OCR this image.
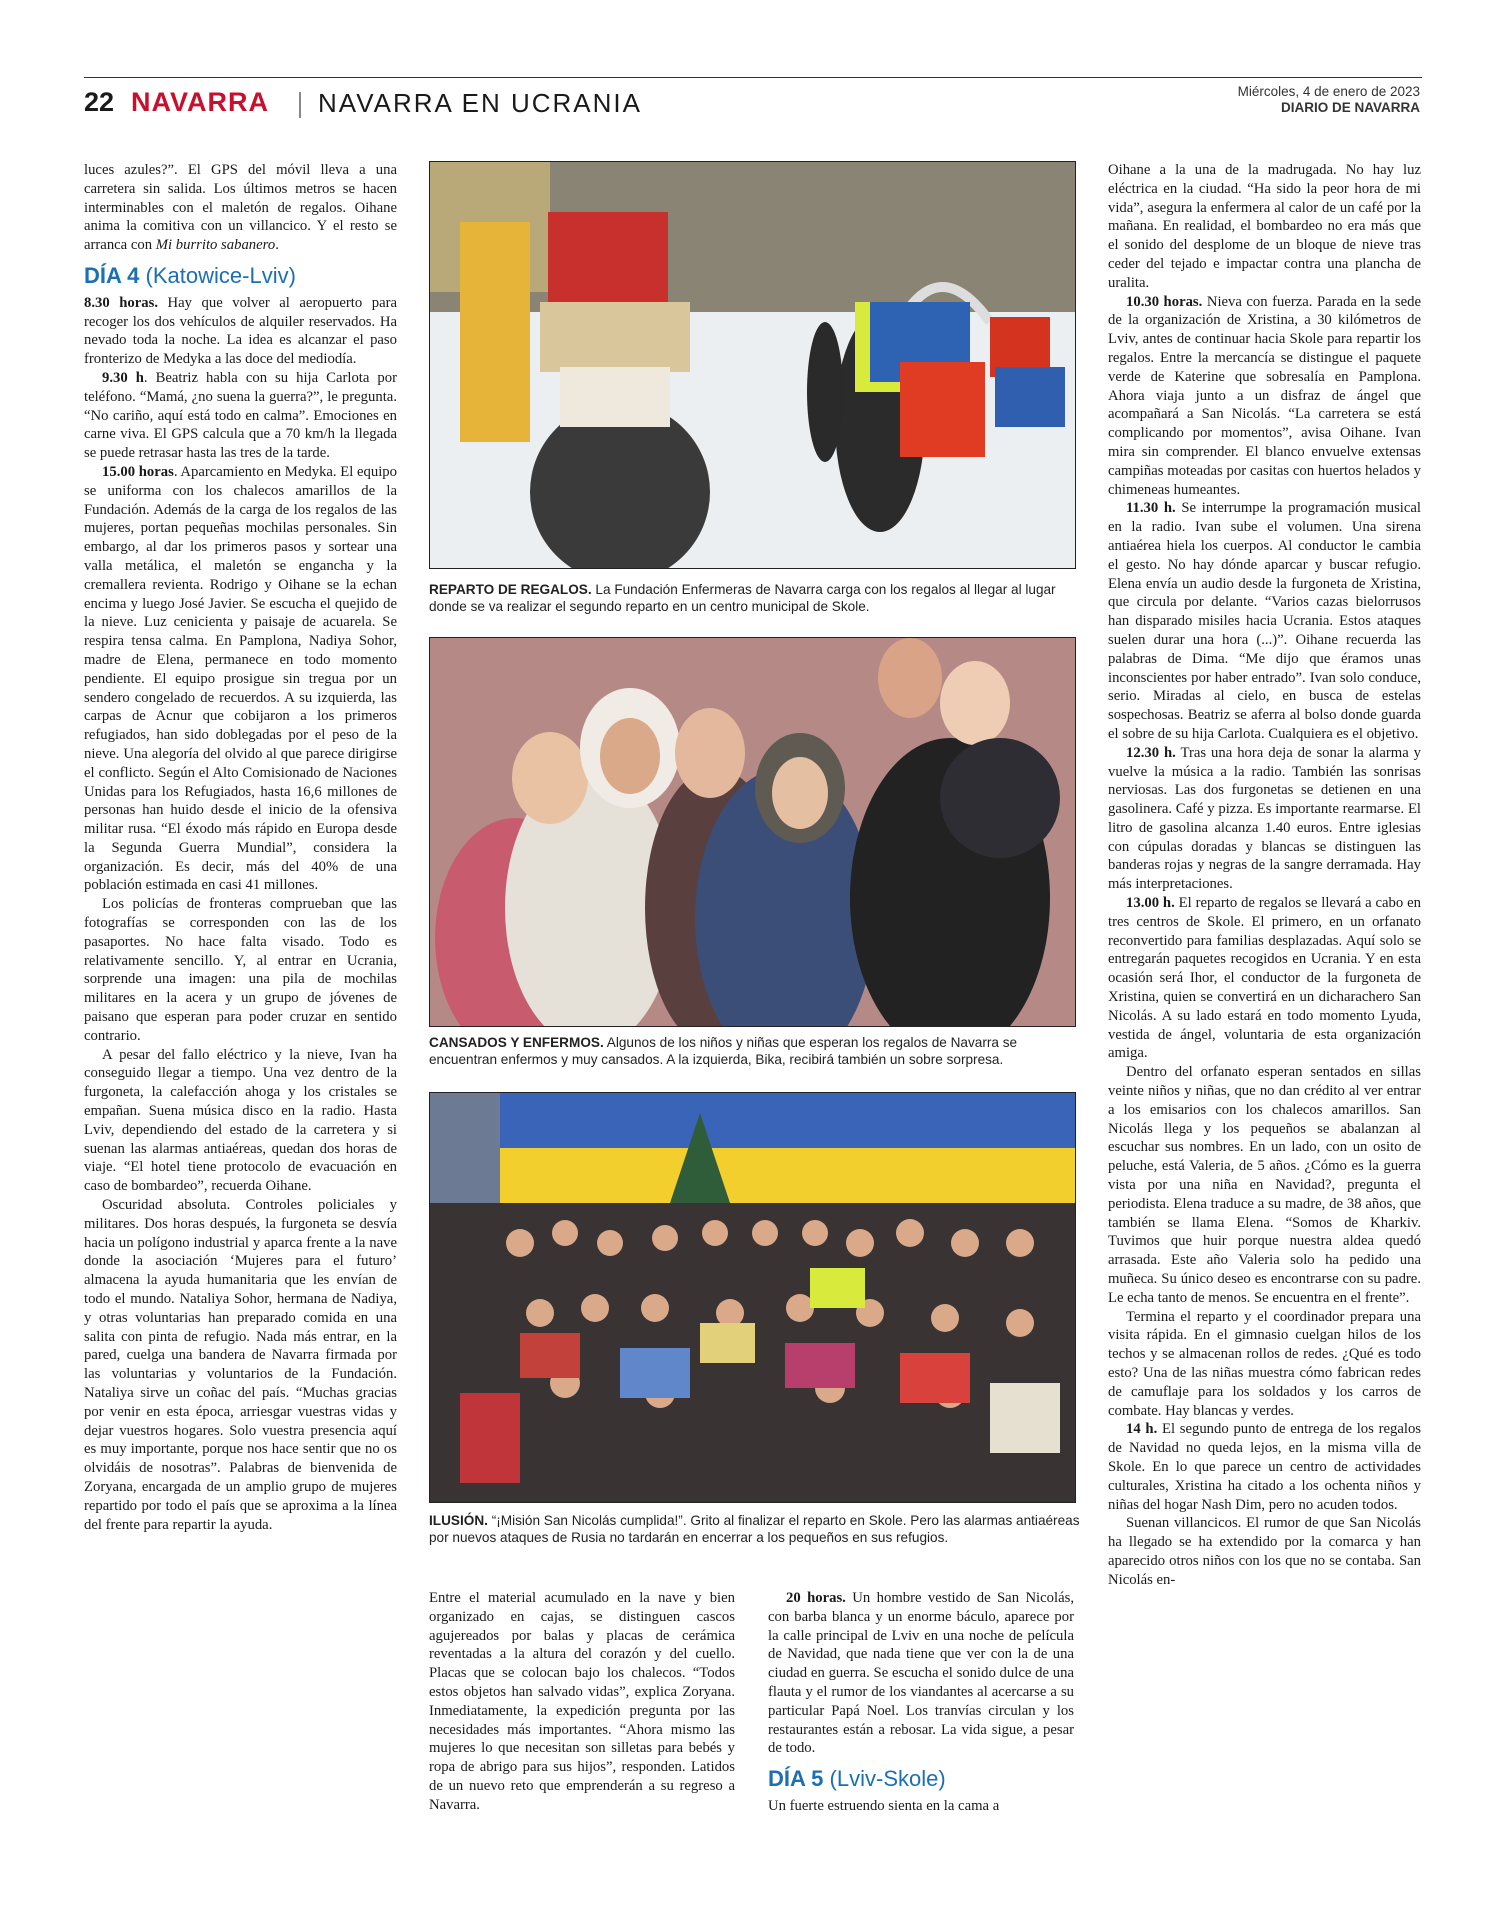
22 NAVARRA NAVARRA EN UCRANIA	Miércoles, 4 de enero de 2023
DIARIO DE NAVARRA

luces azules?”. El GPS del móvil lleva a una carretera sin salida. Los últimos metros se hacen interminables con el maletón de regalos. Oihane anima la comitiva con un villancico. Y el resto se arranca con Mi burrito sabanero.

DÍA 4 (Katowice-Lviv)

8.30 horas. Hay que volver al aeropuerto para recoger los dos vehículos de alquiler reservados. Ha nevado toda la noche. La idea es alcanzar el paso fronterizo de Medyka a las doce del mediodía.

9.30 h. Beatriz habla con su hija Carlota por teléfono. “Mamá, ¿no suena la guerra?”, le pregunta. “No cariño, aquí está todo en calma”. Emociones en carne viva. El GPS calcula que a 70 km/h la llegada se puede retrasar hasta las tres de la tarde.

15.00 horas. Aparcamiento en Medyka. El equipo se uniforma con los chalecos amarillos de la Fundación. Además de la carga de los regalos de las mujeres, portan pequeñas mochilas personales. Sin embargo, al dar los primeros pasos y sortear una valla metálica, el maletón se engancha y la cremallera revienta. Rodrigo y Oihane se la echan encima y luego José Javier. Se escucha el quejido de la nieve. Luz cenicienta y paisaje de acuarela. Se respira tensa calma. En Pamplona, Nadiya Sohor, madre de Elena, permanece en todo momento pendiente. El equipo prosigue sin tregua por un sendero congelado de recuerdos. A su izquierda, las carpas de Acnur que cobijaron a los primeros refugiados, han sido doblegadas por el peso de la nieve. Una alegoría del olvido al que parece dirigirse el conflicto. Según el Alto Comisionado de Naciones Unidas para los Refugiados, hasta 16,6 millones de personas han huido desde el inicio de la ofensiva militar rusa. “El éxodo más rápido en Europa desde la Segunda Guerra Mundial”, considera la organización. Es decir, más del 40% de una población estimada en casi 41 millones.

Los policías de fronteras comprueban que las fotografías se corresponden con las de los pasaportes. No hace falta visado. Todo es relativamente sencillo. Y, al entrar en Ucrania, sorprende una imagen: una pila de mochilas militares en la acera y un grupo de jóvenes de paisano que esperan para poder cruzar en sentido contrario.

A pesar del fallo eléctrico y la nieve, Ivan ha conseguido llegar a tiempo. Una vez dentro de la furgoneta, la calefacción ahoga y los cristales se empañan. Suena música disco en la radio. Hasta Lviv, dependiendo del estado de la carretera y si suenan las alarmas antiaéreas, quedan dos horas de viaje. “El hotel tiene protocolo de evacuación en caso de bombardeo”, recuerda Oihane.

Oscuridad absoluta. Controles policiales y militares. Dos horas después, la furgoneta se desvía hacia un polígono industrial y aparca frente a la nave donde la asociación ‘Mujeres para el futuro’ almacena la ayuda humanitaria que les envían de todo el mundo. Nataliya Sohor, hermana de Nadiya, y otras voluntarias han preparado comida en una salita con pinta de refugio. Nada más entrar, en la pared, cuelga una bandera de Navarra firmada por las voluntarias y voluntarios de la Fundación. Nataliya sirve un coñac del país. “Muchas gracias por venir en esta época, arriesgar vuestras vidas y dejar vuestros hogares. Solo vuestra presencia aquí es muy importante, porque nos hace sentir que no os olvidáis de nosotras”. Palabras de bienvenida de Zoryana, encargada de un amplio grupo de mujeres repartido por todo el país que se aproxima a la línea del frente para repartir la ayuda.

REPARTO DE REGALOS. La Fundación Enfermeras de Navarra carga con los regalos al llegar al lugar donde se va realizar el segundo reparto en un centro municipal de Skole.
CANSADOS Y ENFERMOS. Algunos de los niños y niñas que esperan los regalos de Navarra se encuentran enfermos y muy cansados. A la izquierda, Bika, recibirá también un sobre sorpresa.
ILUSIÓN. “¡Misión San Nicolás cumplida!”. Grito al finalizar el reparto en Skole. Pero las alarmas antiaéreas por nuevos ataques de Rusia no tardarán en encerrar a los pequeños en sus refugios.

Entre el material acumulado en la nave y bien organizado en cajas, se distinguen cascos agujereados por balas y placas de cerámica reventadas a la altura del corazón y del cuello. Placas que se colocan bajo los chalecos. “Todos estos objetos han salvado vidas”, explica Zoryana. Inmediatamente, la expedición pregunta por las necesidades más importantes. “Ahora mismo las mujeres lo que necesitan son silletas para bebés y ropa de abrigo para sus hijos”, responden. Latidos de un nuevo reto que emprenderán a su regreso a Navarra.

20 horas. Un hombre vestido de San Nicolás, con barba blanca y un enorme báculo, aparece por la calle principal de Lviv en una noche de película de Navidad, que nada tiene que ver con la de una ciudad en guerra. Se escucha el sonido dulce de una flauta y el rumor de los viandantes al acercarse a su particular Papá Noel. Los tranvías circulan y los restaurantes están a rebosar. La vida sigue, a pesar de todo.

DÍA 5 (Lviv-Skole)

Un fuerte estruendo sienta en la cama a

Oihane a la una de la madrugada. No hay luz eléctrica en la ciudad. “Ha sido la peor hora de mi vida”, asegura la enfermera al calor de un café por la mañana. En realidad, el bombardeo no era más que el sonido del desplome de un bloque de nieve tras ceder del tejado e impactar contra una plancha de uralita.

10.30 horas. Nieva con fuerza. Parada en la sede de la organización de Xristina, a 30 kilómetros de Lviv, antes de continuar hacia Skole para repartir los regalos. Entre la mercancía se distingue el paquete verde de Katerine que sobresalía en Pamplona. Ahora viaja junto a un disfraz de ángel que acompañará a San Nicolás. “La carretera se está complicando por momentos”, avisa Oihane. Ivan mira sin comprender. El blanco envuelve extensas campiñas moteadas por casitas con huertos helados y chimeneas humeantes.

11.30 h. Se interrumpe la programación musical en la radio. Ivan sube el volumen. Una sirena antiaérea hiela los cuerpos. Al conductor le cambia el gesto. No hay dónde aparcar y buscar refugio. Elena envía un audio desde la furgoneta de Xristina, que circula por delante. “Varios cazas bielorrusos han disparado misiles hacia Ucrania. Estos ataques suelen durar una hora (...)”. Oihane recuerda las palabras de Dima. “Me dijo que éramos unas inconscientes por haber entrado”. Ivan solo conduce, serio. Miradas al cielo, en busca de estelas sospechosas. Beatriz se aferra al bolso donde guarda el sobre de su hija Carlota. Cualquiera es el objetivo.

12.30 h. Tras una hora deja de sonar la alarma y vuelve la música a la radio. También las sonrisas nerviosas. Las dos furgonetas se detienen en una gasolinera. Café y pizza. Es importante rearmarse. El litro de gasolina alcanza 1.40 euros. Entre iglesias con cúpulas doradas y blancas se distinguen las banderas rojas y negras de la sangre derramada. Hay más interpretaciones.

13.00 h. El reparto de regalos se llevará a cabo en tres centros de Skole. El primero, en un orfanato reconvertido para familias desplazadas. Aquí solo se entregarán paquetes recogidos en Ucrania. Y en esta ocasión será Ihor, el conductor de la furgoneta de Xristina, quien se convertirá en un dicharachero San Nicolás. A su lado estará en todo momento Lyuda, vestida de ángel, voluntaria de esta organización amiga.

Dentro del orfanato esperan sentados en sillas veinte niños y niñas, que no dan crédito al ver entrar a los emisarios con los chalecos amarillos. San Nicolás llega y los pequeños se abalanzan al escuchar sus nombres. En un lado, con un osito de peluche, está Valeria, de 5 años. ¿Cómo es la guerra vista por una niña en Navidad?, pregunta el periodista. Elena traduce a su madre, de 38 años, que también se llama Elena. “Somos de Kharkiv. Tuvimos que huir porque nuestra aldea quedó arrasada. Este año Valeria solo ha pedido una muñeca. Su único deseo es encontrarse con su padre. Le echa tanto de menos. Se encuentra en el frente”.

Termina el reparto y el coordinador prepara una visita rápida. En el gimnasio cuelgan hilos de los techos y se almacenan rollos de redes. ¿Qué es todo esto? Una de las niñas muestra cómo fabrican redes de camuflaje para los soldados y los carros de combate. Hay blancas y verdes.

14 h. El segundo punto de entrega de los regalos de Navidad no queda lejos, en la misma villa de Skole. En lo que parece un centro de actividades culturales, Xristina ha citado a los ochenta niños y niñas del hogar Nash Dim, pero no acuden todos.

Suenan villancicos. El rumor de que San Nicolás ha llegado se ha extendido por la comarca y han aparecido otros niños con los que no se contaba. San Nicolás en-
